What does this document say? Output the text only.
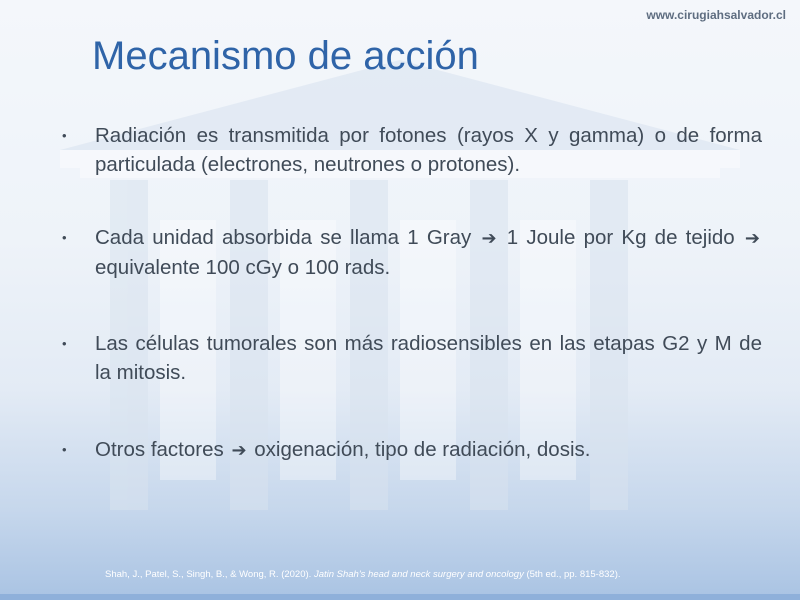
www.cirugiahsalvador.cl
Mecanismo de acción
• Radiación es transmitida por fotones (rayos X y gamma) o de forma particulada (electrones, neutrones o protones).
• Cada unidad absorbida se llama 1 Gray ➔ 1 Joule por Kg de tejido ➔ equivalente 100 cGy o 100 rads.
• Las células tumorales son más radiosensibles en las etapas G2 y M de la mitosis.
• Otros factores ➔ oxigenación, tipo de radiación, dosis.
Shah, J., Patel, S., Singh, B., & Wong, R. (2020). Jatin Shah's head and neck surgery and oncology (5th ed., pp. 815-832).
